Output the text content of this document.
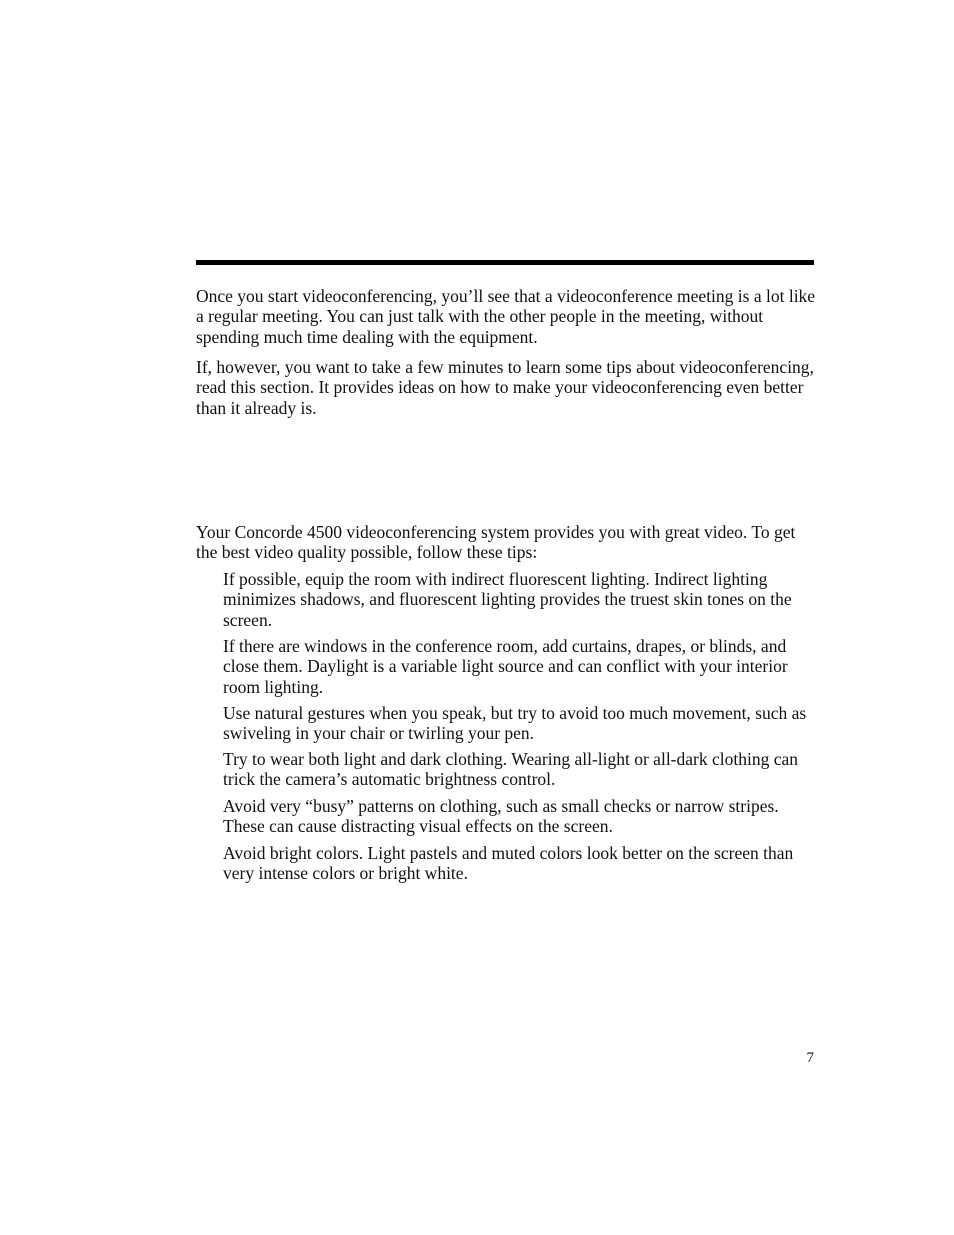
Once you start videoconferencing, you’ll see that a videoconference meeting is a lot like a regular meeting. You can just talk with the other people in the meeting, without spending much time dealing with the equipment.

If, however, you want to take a few minutes to learn some tips about videoconferencing, read this section. It provides ideas on how to make your videoconferencing even better than it already is.

Your Concorde 4500 videoconferencing system provides you with great video. To get the best video quality possible, follow these tips:

If possible, equip the room with indirect fluorescent lighting. Indirect lighting minimizes shadows, and fluorescent lighting provides the truest skin tones on the screen.

If there are windows in the conference room, add curtains, drapes, or blinds, and close them. Daylight is a variable light source and can conflict with your interior room lighting.

Use natural gestures when you speak, but try to avoid too much movement, such as swiveling in your chair or twirling your pen.

Try to wear both light and dark clothing. Wearing all-light or all-dark clothing can trick the camera’s automatic brightness control.

Avoid very “busy” patterns on clothing, such as small checks or narrow stripes. These can cause distracting visual effects on the screen.

Avoid bright colors. Light pastels and muted colors look better on the screen than very intense colors or bright white.

7
